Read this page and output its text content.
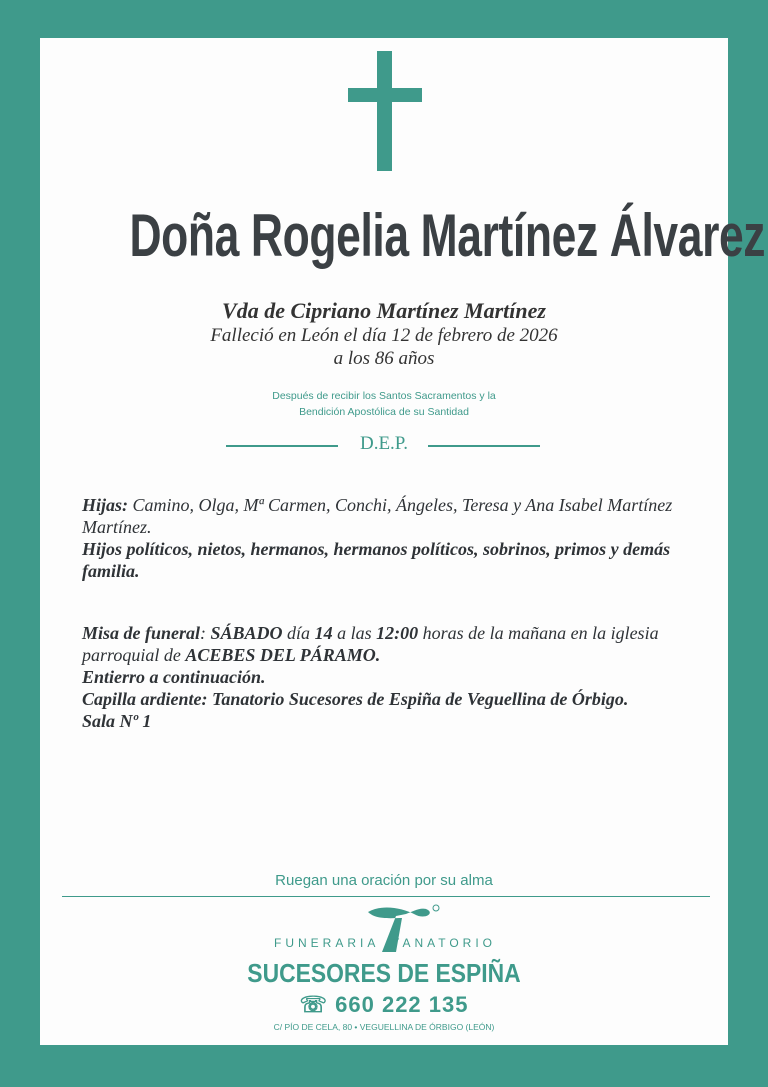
Doña Rogelia Martínez Álvarez
Vda de Cipriano Martínez Martínez
Falleció en León el día 12 de febrero de 2026
a los 86 años
Después de recibir los Santos Sacramentos y la
Bendición Apostólica de su Santidad
D.E.P.
Hijas: Camino, Olga, Mª Carmen, Conchi, Ángeles, Teresa y Ana Isabel Martínez Martínez.
Hijos políticos, nietos, hermanos, hermanos políticos, sobrinos, primos y demás familia.
Misa de funeral: SÁBADO día 14 a las 12:00 horas de la mañana en la iglesia parroquial de ACEBES DEL PÁRAMO.
Entierro a continuación.
Capilla ardiente: Tanatorio Sucesores de Espiña de Veguellina de Órbigo.
Sala Nº 1
Ruegan una oración por su alma
FUNERARIA TANATORIO
SUCESORES DE ESPIÑA
☏ 660 222 135
C/ PÍO DE CELA, 80 • VEGUELLINA DE ÓRBIGO (LEÓN)
